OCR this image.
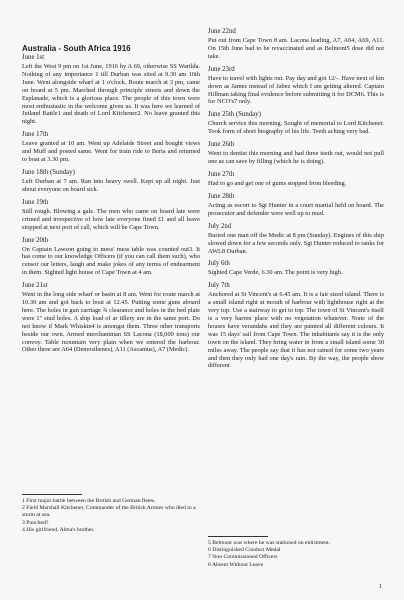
Australia - South Africa 1916
June 1st

Left the West 9 pm on 1st June, 1916 by A 69, otherwise SS Warilda. Nothing of any importance 1 till Durban was sited at 9.30 am 16th June. Went alongside wharf at 1 o'clock. Route march at 3 pm, came on board at 5 pm. Marched through principle streets and down the Esplanade, which is a glorious place. The people of this town were most enthusiastic in the welcome given us. It was here we learned of Jutland Battle1 and death of Lord Kitchener2. No leave granted this night.

June 17th

Leave granted at 10 am. Went up Adelaide Street and bought views and Muff and posted same. Went for train ride to Beria and returned to boat at 3.30 pm.

June 18th (Sunday)

Left Durban at 7 am. Ran into heavy swell. Kept up all night. Just about everyone on board sick.

June 19th

Still rough. Blowing a gale. The men who came on board late were crimed and irrespective of how late everyone fined £1 and all leave stopped at next port of call, which will be Cape Town.

June 20th

On Captain Lawson going to mess' mess table was counted out3. It has come to our knowledge Officers (if you can call them such), who censor our letters, laugh and make jokes of any terms of endearment in them. Sighted light house of Cape Town at 4 am.

June 21st

Went in the long side wharf or basin at 8 am. Went for route march at 10.30 am and got back to boat at 12.45. Putting some guns aboard here. The holes in gun carriage ¾ clearance and holes in the bed plate were 1" stud holes. A ship load of ar tillery are in the same port. Do not know if Mark Whiskin4 is amongst them. Three other transports beside our own. Armed merchantman SS Lacona (18,000 tons) our convoy. Table mountain very plain when we entered the harbour. Other three are A64 (Demosthenes), A11 (Ascanius), A7 (Medic).

1 First major battle between the British and German fleets.

2 Field Marshall Kitchener, Commander of the British Armies who died in a storm at sea.

3 Punched?

4 His girlfriend, Alma's brother.

June 22nd

Put out from Cape Town 8 am. Lacona leading, A7, A64, A69, A11. On 15th June had to be revaccinated and as Belmont5 dose did not take.

June 23rd

Have to travel with lights out. Pay day and got 12/-. Have next of kin down as James instead of Jabez which I am getting altered. Captain Hillman taking final evidence before submitting it for DCM6. This is for NCO's7 only.

June 25th (Sunday)

Church service this morning. Sought of memorial to Lord Kitchener. Took form of short biography of his life. Teeth aching very bad.

June 26th

Went to dentist this morning and had three teeth out, would not pull one as can save by filling (which he is doing).

June 27th

Had to go and get one of gums stopped from bleeding.

June 28th

Acting as escort to Sgt Hunter in a court martial held on board. The prosecutor and defender were well up to mud.

July 2nd

Buried one man off the Medic at 8 pm (Sunday). Engines of this ship slowed down for a few seconds only. Sgt Hunter reduced to ranks for AWL8 Durban.

July 6th

Sighted Cape Verde, 6.30 am. The point is very high.

July 7th

Anchored at St Vincent's at 6.45 am. It is a fair sized island. There is a small island right at mouth of harbour with lighthouse right at the very top. Use a stairway to get to top. The town of St Vincent's itself is a very barren place with no vegetation whatever. None of the houses have verandahs and they are painted all different colours. It was 15 days' sail from Cape Town. The inhabitants say it is the only town on the island. They bring water in from a small island some 30 miles away. The people say that it has not rained for some two years and then they only had one day's rain. By the way, the people show different

5 Belmont was where he was stationed on enlistment.

6 Distinguished Conduct Medal

7 Non Commissioned Officers

8 Absent Without Leave

1
